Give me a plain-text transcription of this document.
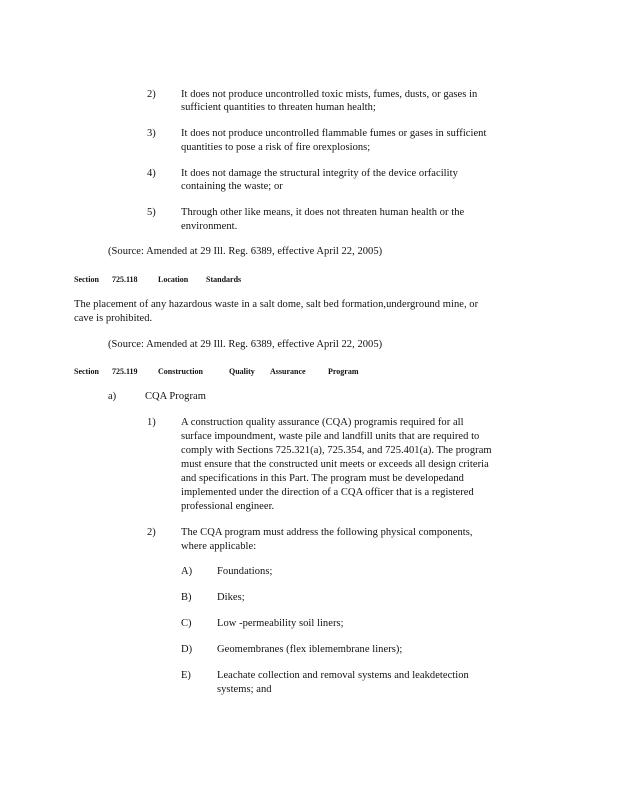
2) It does not produce uncontrolled toxic mists, fumes, dusts, or gases in
sufficient quantities to threaten human health;
3) It does not produce uncontrolled flammable fumes or gases in sufficient
quantities to pose a risk of fire orexplosions;
4) It does not damage the structural integrity of the device orfacility
containing the waste; or
5) Through other like means, it does not threaten human health or the
environment.
(Source: Amended at 29 Ill. Reg. 6389, effective April 22, 2005)
Section 725.118	Location Standards
The placement of any hazardous waste in a salt dome, salt bed formation,underground mine, or
cave is prohibited.
(Source: Amended at 29 Ill. Reg. 6389, effective April 22, 2005)
Section 725.119	Construction	Quality Assurance	Program
a)	CQA Program
1) A construction quality assurance (CQA) programis required for all
surface impoundment, waste pile and landfill units that are required to
comply with Sections 725.321(a), 725.354, and 725.401(a). The program
must ensure that the constructed unit meets or exceeds all design criteria
and specifications in this Part. The program must be developedand
implemented under the direction of a CQA officer that is a registered
professional engineer.
2) The CQA program must address the following physical components,
where applicable:
A) Foundations;
B) Dikes;
C) Low -permeability soil liners;
D) Geomembranes (flex iblemembrane liners);
E) Leachate collection and removal systems and leakdetection
systems; and
